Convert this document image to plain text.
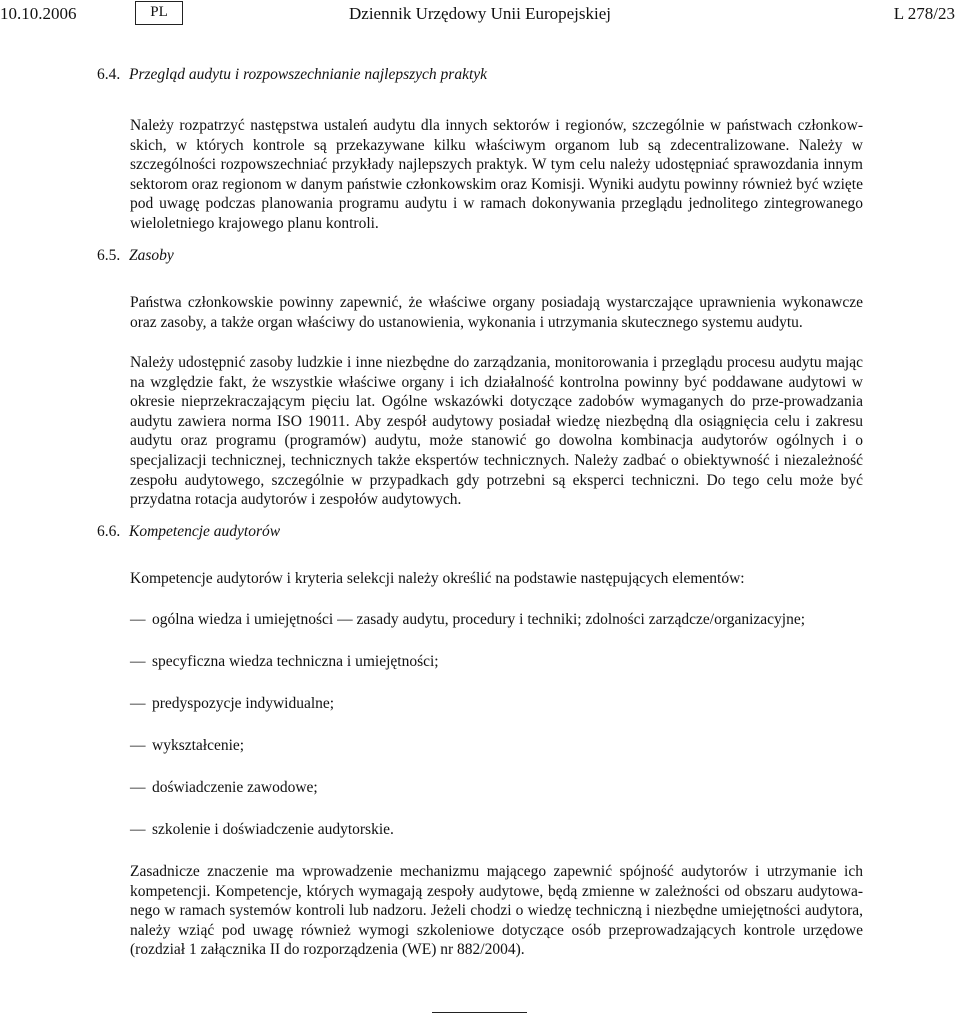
10.10.2006	PL	Dziennik Urzędowy Unii Europejskiej	L 278/23
6.4. Przegląd audytu i rozpowszechnianie najlepszych praktyk

Należy rozpatrzyć następstwa ustaleń audytu dla innych sektorów i regionów, szczególnie w państwach członkow-skich, w których kontrole są przekazywane kilku właściwym organom lub są zdecentralizowane. Należy w szczególności rozpowszechniać przykłady najlepszych praktyk. W tym celu należy udostępniać sprawozdania innym sektorom oraz regionom w danym państwie członkowskim oraz Komisji. Wyniki audytu powinny również być wzięte pod uwagę podczas planowania programu audytu i w ramach dokonywania przeglądu jednolitego zintegrowanego wieloletniego krajowego planu kontroli.

6.5. Zasoby

Państwa członkowskie powinny zapewnić, że właściwe organy posiadają wystarczające uprawnienia wykonawcze oraz zasoby, a także organ właściwy do ustanowienia, wykonania i utrzymania skutecznego systemu audytu.

Należy udostępnić zasoby ludzkie i inne niezbędne do zarządzania, monitorowania i przeglądu procesu audytu mając na względzie fakt, że wszystkie właściwe organy i ich działalność kontrolna powinny być poddawane audytowi w okresie nieprzekraczającym pięciu lat. Ogólne wskazówki dotyczące zadobów wymaganych do prze-prowadzania audytu zawiera norma ISO 19011. Aby zespół audytowy posiadał wiedzę niezbędną dla osiągnięcia celu i zakresu audytu oraz programu (programów) audytu, może stanowić go dowolna kombinacja audytorów ogólnych i o specjalizacji technicznej, technicznych także ekspertów technicznych. Należy zadbać o obiektywność i niezależność zespołu audytowego, szczególnie w przypadkach gdy potrzebni są eksperci techniczni. Do tego celu może być przydatna rotacja audytorów i zespołów audytowych.

6.6. Kompetencje audytorów

Kompetencje audytorów i kryteria selekcji należy określić na podstawie następujących elementów:

— ogólna wiedza i umiejętności — zasady audytu, procedury i techniki; zdolności zarządcze/organizacyjne;
— specyficzna wiedza techniczna i umiejętności;
— predyspozycje indywidualne;
— wykształcenie;
— doświadczenie zawodowe;
— szkolenie i doświadczenie audytorskie.

Zasadnicze znaczenie ma wprowadzenie mechanizmu mającego zapewnić spójność audytorów i utrzymanie ich kompetencji. Kompetencje, których wymagają zespoły audytowe, będą zmienne w zależności od obszaru audytowa-nego w ramach systemów kontroli lub nadzoru. Jeżeli chodzi o wiedzę techniczną i niezbędne umiejętności audytora, należy wziąć pod uwagę również wymogi szkoleniowe dotyczące osób przeprowadzających kontrole urzędowe (rozdział 1 załącznika II do rozporządzenia (WE) nr 882/2004).
